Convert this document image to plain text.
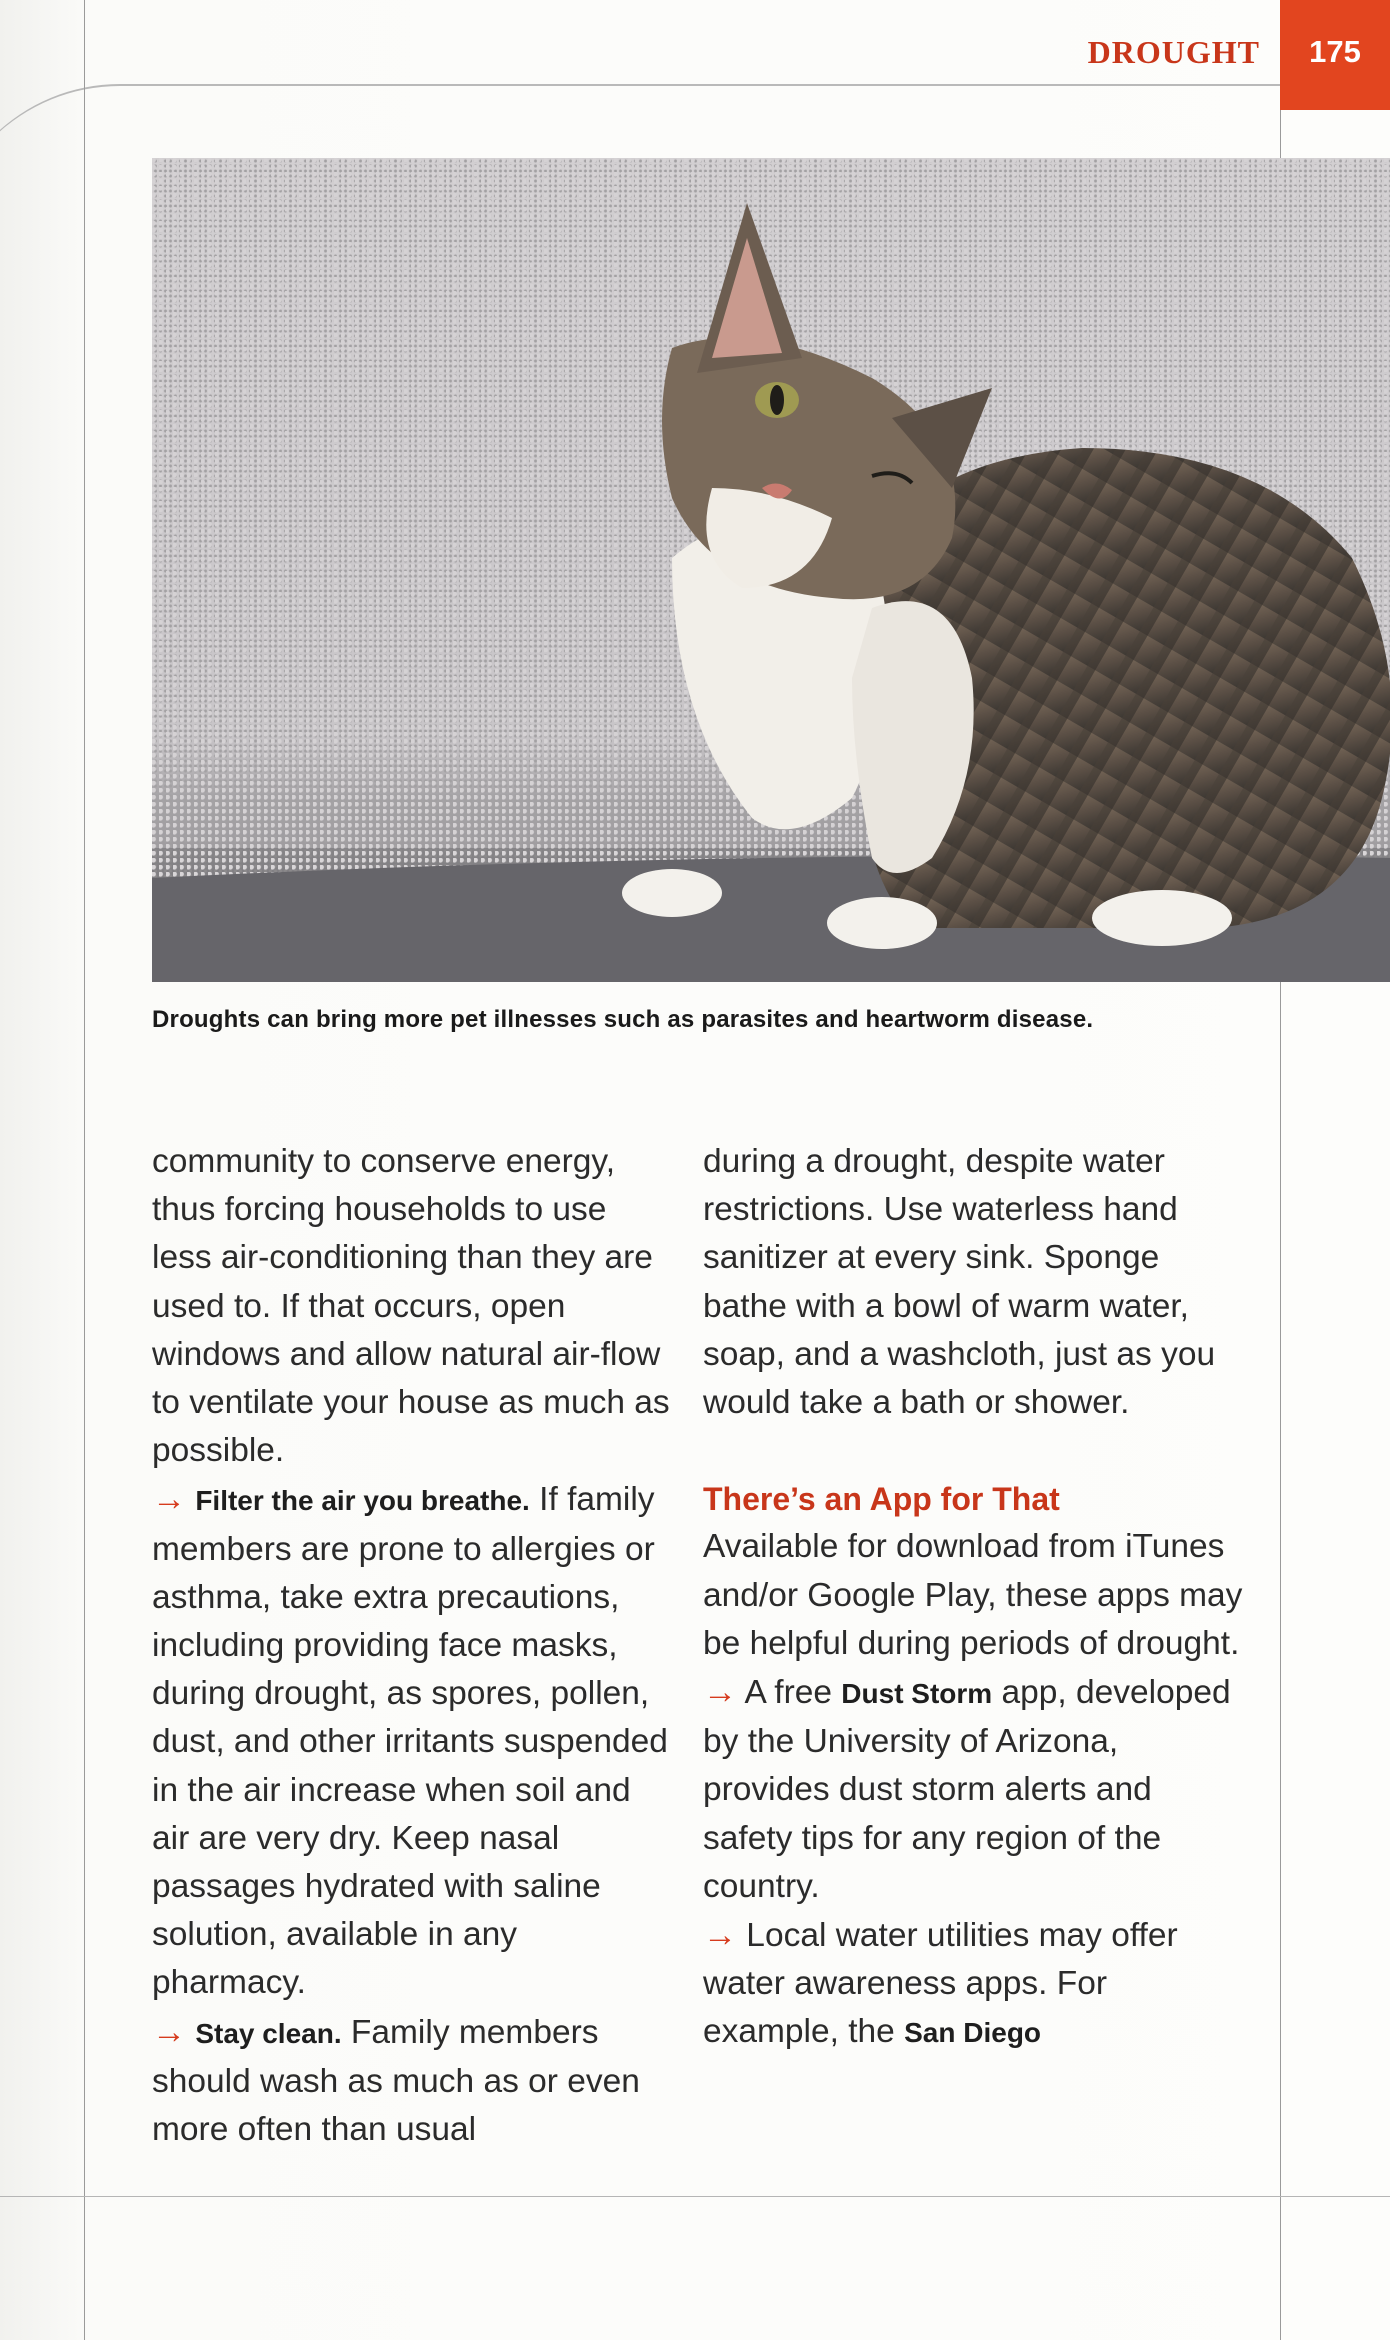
DROUGHT	175
Droughts can bring more pet illnesses such as parasites and heartworm disease.

community to conserve energy, thus forcing households to use less air-conditioning than they are used to. If that occurs, open windows and allow natural air-flow to ventilate your house as much as possible.

→ Filter the air you breathe. If family members are prone to allergies or asthma, take extra precautions, including providing face masks, during drought, as spores, pollen, dust, and other irritants suspended in the air increase when soil and air are very dry. Keep nasal passages hydrated with saline solution, available in any pharmacy.

→ Stay clean. Family members should wash as much as or even more often than usual

during a drought, despite water restrictions. Use waterless hand sanitizer at every sink. Sponge bathe with a bowl of warm water, soap, and a washcloth, just as you would take a bath or shower.

There’s an App for That

Available for download from iTunes and/or Google Play, these apps may be helpful during periods of drought.

→ A free Dust Storm app, developed by the University of Arizona, provides dust storm alerts and safety tips for any region of the country.

→ Local water utilities may offer water awareness apps. For example, the San Diego
